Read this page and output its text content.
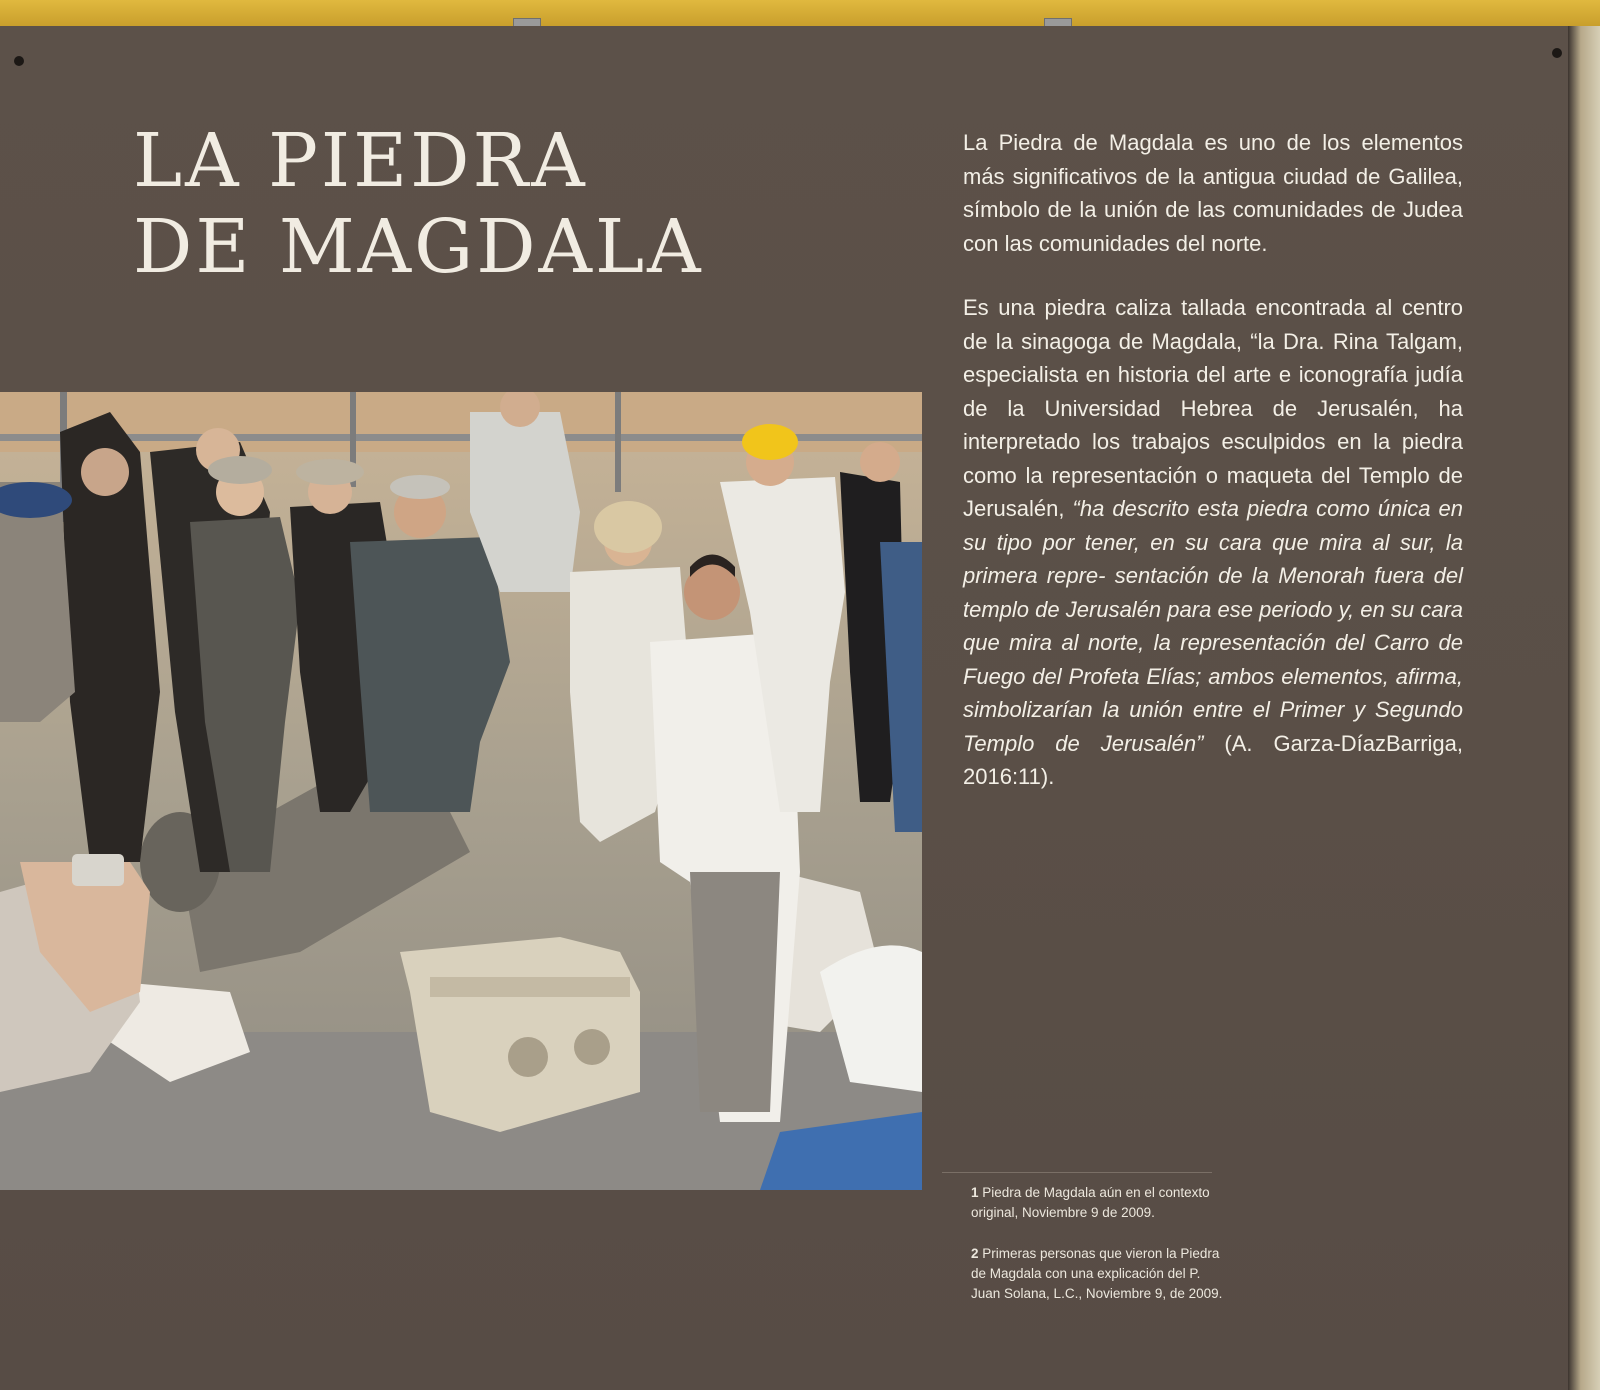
LA PIEDRA
DE MAGDALA

La Piedra de Magdala es uno de los elementos más significativos de la antigua ciudad de Galilea, símbolo de la unión de las comunidades de Judea con las comunidades del norte.

Es una piedra caliza tallada encontrada al centro de la sinagoga de Magdala, “la Dra. Rina Talgam, especialista en historia del arte e iconografía judía de la Universidad Hebrea de Jerusalén, ha interpretado los trabajos esculpidos en la piedra como la representación o maqueta del Templo de Jerusalén, “ha descrito esta piedra como única en su tipo por tener, en su cara que mira al sur, la primera repre- sentación de la Menorah fuera del templo de Jerusalén para ese periodo y, en su cara que mira al norte, la representación del Carro de Fuego del Profeta Elías; ambos elementos, afirma, simbolizarían la unión entre el Primer y Segundo Templo de Jerusalén” (A. Garza-DíazBarriga, 2016:11).

1 Piedra de Magdala aún en el contexto original, Noviembre 9 de 2009.

2 Primeras personas que vieron la Piedra de Magdala con una explicación del P. Juan Solana, L.C., Noviembre 9, de 2009.
